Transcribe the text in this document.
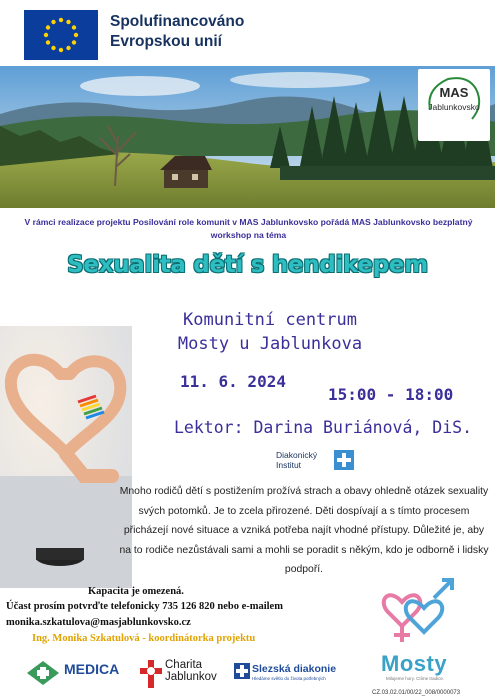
Spolufinancováno
Evropskou unií
MAS
Jablunkovsko
V rámci realizace projektu Posilování role komunit v MAS Jablunkovsko pořádá MAS Jablunkovsko bezplatný workshop na téma
Sexualita dětí s hendikepem
Komunitní centrum
Mosty u Jablunkova
11. 6. 2024
15:00 - 18:00
Lektor: Darina Buriánová, DiS.
Diakonický
Institut
Mnoho rodičů dětí s postižením prožívá strach a obavy ohledně otázek sexuality svých potomků. Je to zcela přirozené. Děti dospívají a s tímto procesem přicházejí nové situace a vzniká potřeba najít vhodné přístupy. Důležité je, aby na to rodiče nezůstávali sami a mohli se poradit s někým, kdo je odborně i lidsky podpoří.
Kapacita je omezená.
Účast prosím potvrďte telefonicky 735 126 820 nebo e-mailem
monika.szkatulova@masjablunkovsko.cz
Ing. Monika Szkatulová - koordinátorka projektu
MEDICA	Charita
Jablunkov
Slezská diakonie
Hledáme světlo do života potřebných
Mosty
Milujeme hory. Ctíme tradice.
CZ.03.02.01/00/22_008/0000073
